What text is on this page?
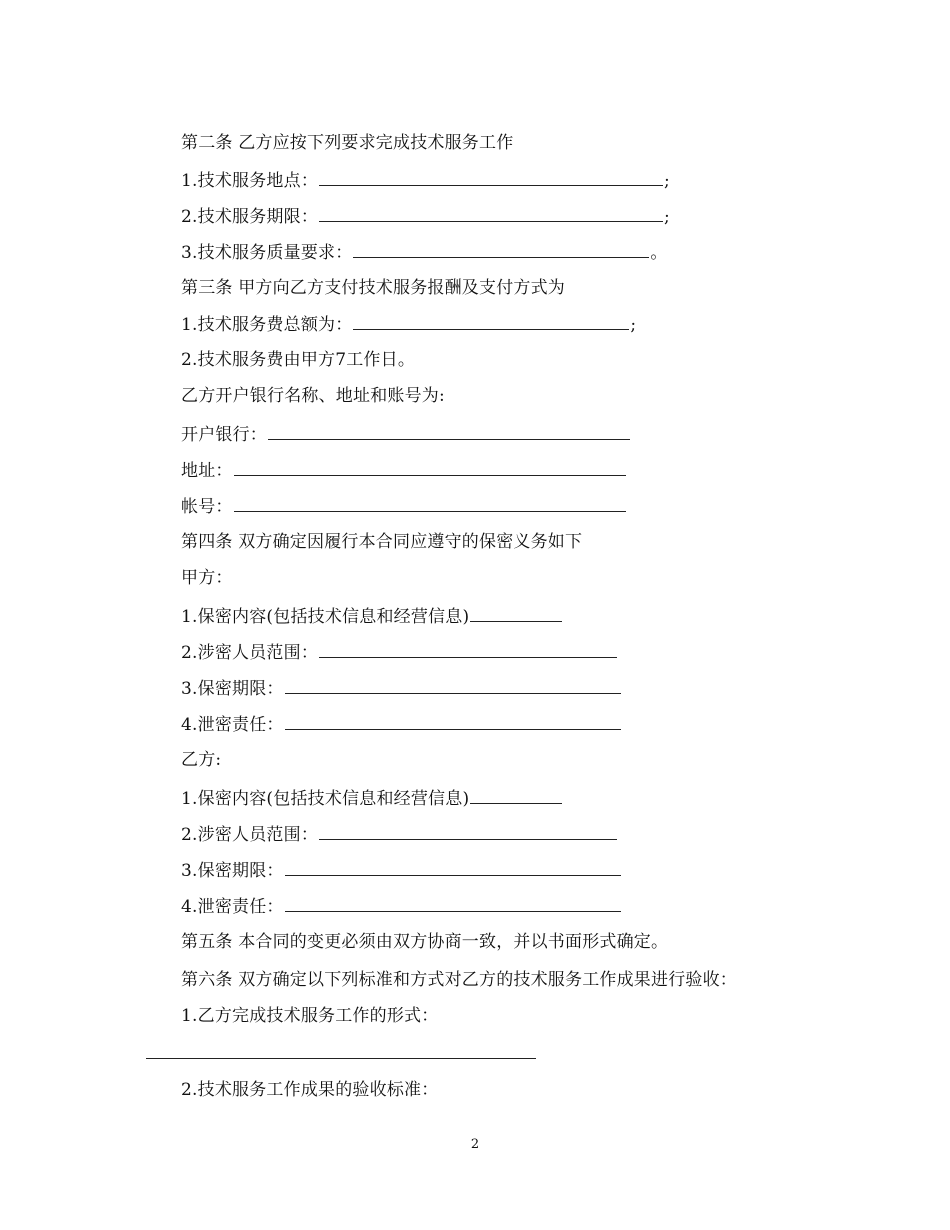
第二条 乙方应按下列要求完成技术服务工作
1.技术服务地点：	;
2.技术服务期限：	;
3.技术服务质量要求：	。
第三条 甲方向乙方支付技术服务报酬及支付方式为
1.技术服务费总额为：	;
2.技术服务费由甲方7工作日。
乙方开户银行名称、地址和账号为:
开户银行：
地址：
帐号：
第四条 双方确定因履行本合同应遵守的保密义务如下
甲方：
1.保密内容(包括技术信息和经营信息)
2.涉密人员范围：
3.保密期限：
4.泄密责任：
乙方:
1.保密内容(包括技术信息和经营信息)
2.涉密人员范围：
3.保密期限：
4.泄密责任：
第五条 本合同的变更必须由双方协商一致，并以书面形式确定。
第六条 双方确定以下列标准和方式对乙方的技术服务工作成果进行验收：
1.乙方完成技术服务工作的形式：
2.技术服务工作成果的验收标准：
2
